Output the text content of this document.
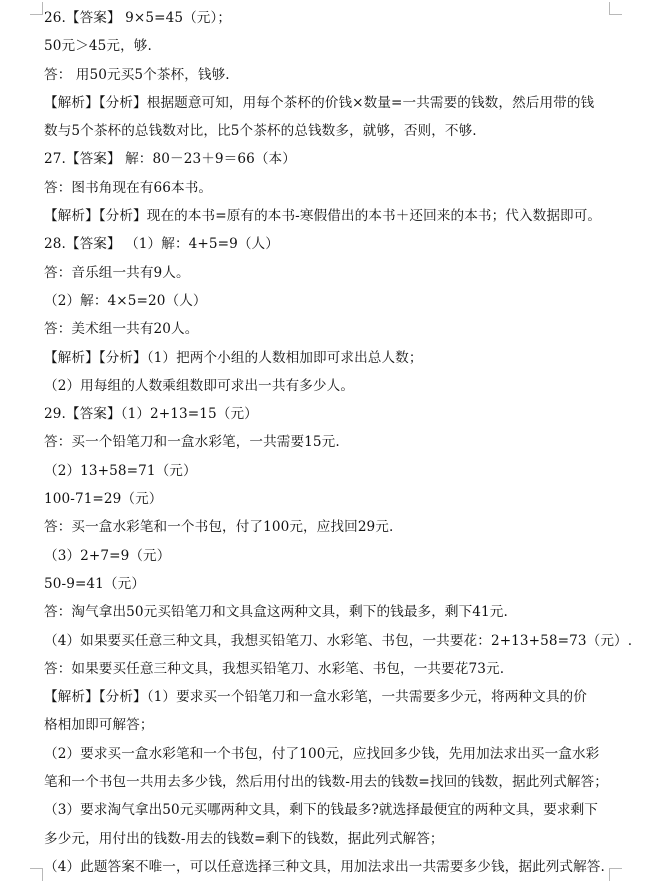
26.【答案】 9×5=45（元）；
50元＞45元，够.
答： 用50元买5个茶杯，钱够.
【解析】【分析】根据题意可知，用每个茶杯的价钱×数量=一共需要的钱数，然后用带的钱
数与5个茶杯的总钱数对比，比5个茶杯的总钱数多，就够，否则，不够.
27.【答案】 解：80－23＋9＝66（本）
答：图书角现在有66本书。
【解析】【分析】现在的本书=原有的本书-寒假借出的本书＋还回来的本书；代入数据即可。
28.【答案】 （1）解：4+5=9（人）
答：音乐组一共有9人。
（2）解：4×5=20（人）
答：美术组一共有20人。
【解析】【分析】（1）把两个小组的人数相加即可求出总人数；
（2）用每组的人数乘组数即可求出一共有多少人。
29.【答案】（1）2+13=15（元）
答：买一个铅笔刀和一盒水彩笔，一共需要15元.
（2）13+58=71（元）
100-71=29（元）
答：买一盒水彩笔和一个书包，付了100元，应找回29元.
（3）2+7=9（元）
50-9=41（元）
答：淘气拿出50元买铅笔刀和文具盒这两种文具，剩下的钱最多，剩下41元.
（4）如果要买任意三种文具，我想买铅笔刀、水彩笔、书包，一共要花：2+13+58=73（元）.
答：如果要买任意三种文具，我想买铅笔刀、水彩笔、书包，一共要花73元.
【解析】【分析】（1）要求买一个铅笔刀和一盒水彩笔，一共需要多少元，将两种文具的价
格相加即可解答；
（2）要求买一盒水彩笔和一个书包，付了100元，应找回多少钱，先用加法求出买一盒水彩
笔和一个书包一共用去多少钱，然后用付出的钱数-用去的钱数=找回的钱数，据此列式解答；
（3）要求淘气拿出50元买哪两种文具，剩下的钱最多?就选择最便宜的两种文具，要求剩下
多少元，用付出的钱数-用去的钱数=剩下的钱数，据此列式解答；
（4）此题答案不唯一，可以任意选择三种文具，用加法求出一共需要多少钱，据此列式解答.
